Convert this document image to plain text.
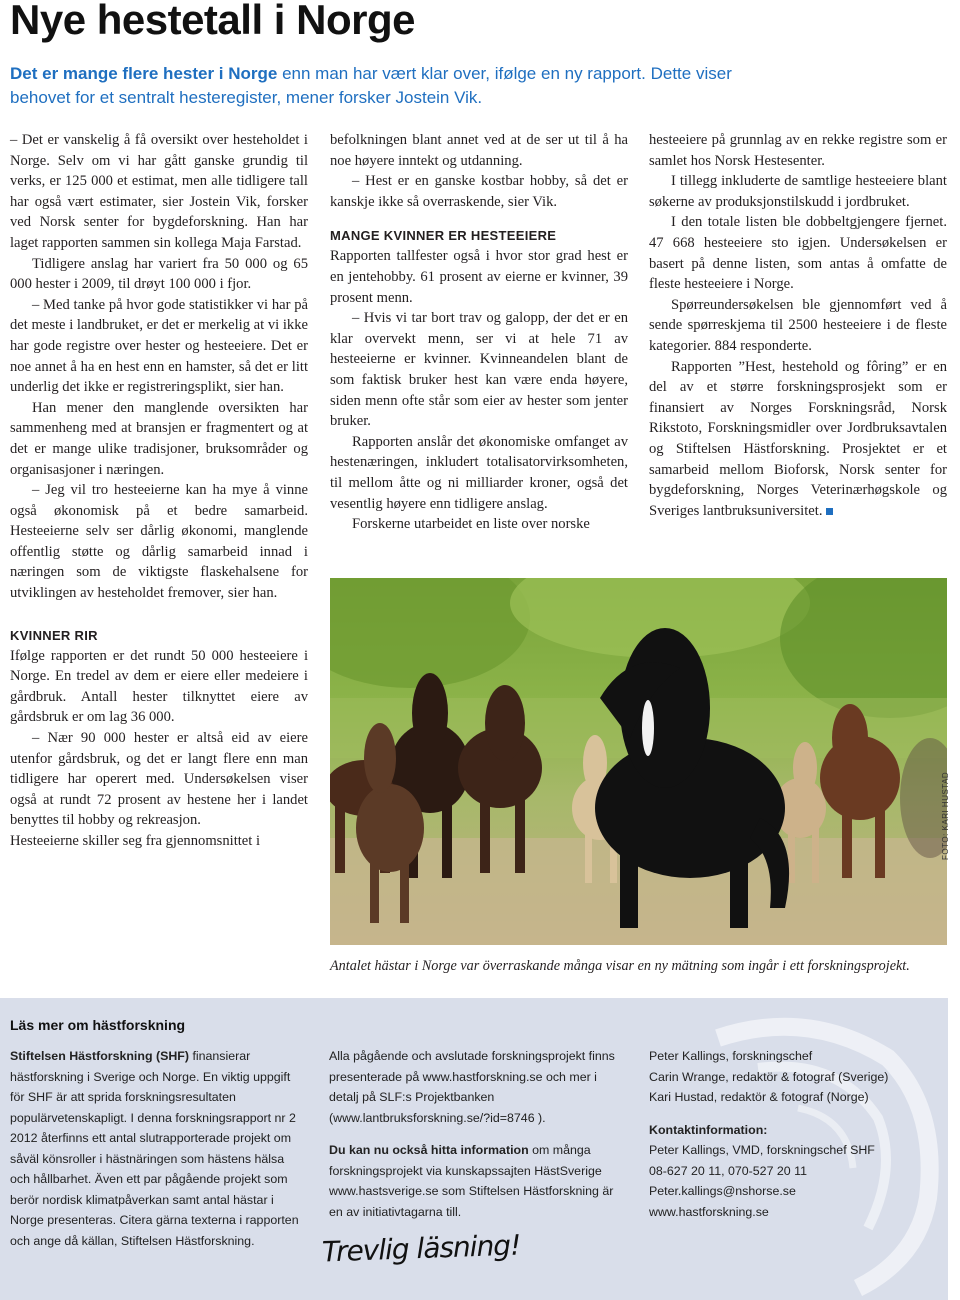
Nye hestetall i Norge

Det er mange flere hester i Norge enn man har vært klar over, ifølge en ny rapport. Dette viser behovet for et sentralt hesteregister, mener forsker Jostein Vik.

– Det er vanskelig å få oversikt over hesteholdet i Norge. Selv om vi har gått ganske grundig til verks, er 125 000 et estimat, men alle tidligere tall har også vært estimater, sier Jostein Vik, forsker ved Norsk senter for bygdeforskning. Han har laget rapporten sammen sin kollega Maja Farstad.

Tidligere anslag har variert fra 50 000 og 65 000 hester i 2009, til drøyt 100 000 i fjor.

– Med tanke på hvor gode statistikker vi har på det meste i landbruket, er det er merkelig at vi ikke har gode registre over hester og hesteeiere. Det er noe annet å ha en hest enn en hamster, så det er litt underlig det ikke er registreringsplikt, sier han.

Han mener den manglende oversikten har sammenheng med at bransjen er fragmentert og at det er mange ulike tradisjoner, bruksområder og organisasjoner i næringen.

– Jeg vil tro hesteeierne kan ha mye å vinne også økonomisk på et bedre samarbeid. Hesteeierne selv ser dårlig økonomi, manglende offentlig støtte og dårlig samarbeid innad i næringen som de viktigste flaskehalsene for utviklingen av hesteholdet fremover, sier han.

KVINNER RIR

Ifølge rapporten er det rundt 50 000 hesteeiere i Norge. En tredel av dem er eiere eller medeiere i gårdbruk. Antall hester tilknyttet eiere av gårdsbruk er om lag 36 000.

– Nær 90 000 hester er altså eid av eiere utenfor gårdsbruk, og det er langt flere enn man tidligere har operert med. Undersøkelsen viser også at rundt 72 prosent av hestene her i landet benyttes til hobby og rekreasjon.

Hesteeierne skiller seg fra gjennomsnittet i

befolkningen blant annet ved at de ser ut til å ha noe høyere inntekt og utdanning.

– Hest er en ganske kostbar hobby, så det er kanskje ikke så overraskende, sier Vik.

MANGE KVINNER ER HESTEEIERE

Rapporten tallfester også i hvor stor grad hest er en jentehobby. 61 prosent av eierne er kvinner, 39 prosent menn.

– Hvis vi tar bort trav og galopp, der det er en klar overvekt menn, ser vi at hele 71 av hesteeierne er kvinner. Kvinneandelen blant de som faktisk bruker hest kan være enda høyere, siden menn ofte står som eier av hester som jenter bruker.

Rapporten anslår det økonomiske omfanget av hestenæringen, inkludert totalisatorvirksomheten, til mellom åtte og ni milliarder kroner, også det vesentlig høyere enn tidligere anslag.

Forskerne utarbeidet en liste over norske

hesteeiere på grunnlag av en rekke registre som er samlet hos Norsk Hestesenter.

I tillegg inkluderte de samtlige hesteeiere blant søkerne av produksjonstilskudd i jordbruket.

I den totale listen ble dobbeltgjengere fjernet. 47 668 hesteeiere sto igjen. Undersøkelsen er basert på denne listen, som antas å omfatte de fleste hesteeiere i Norge.

Spørreundersøkelsen ble gjennomført ved å sende spørreskjema til 2500 hesteeiere i de fleste kategorier. 884 responderte.

Rapporten ”Hest, hestehold og fôring” er en del av et større forskningsprosjekt som er finansiert av Norges Forskningsråd, Norsk Rikstoto, Forskningsmidler over Jordbruksavtalen og Stiftelsen Hästforskning. Prosjektet er et samarbeid mellom Bioforsk, Norsk senter for bygdeforskning, Norges Veterinærhøgskole og Sveriges lantbruksuniversitet.

FOTO: KARI HUSTAD

Antalet hästar i Norge var överraskande många visar en ny mätning som ingår i ett forskningsprojekt.

Läs mer om hästforskning

Stiftelsen Hästforskning (SHF) finansierar hästforskning i Sverige och Norge. En viktig uppgift för SHF är att sprida forskningsresultaten populärvetenskapligt. I denna forskningsrapport nr 2 2012 återfinns ett antal slutrapporterade projekt om såväl könsroller i hästnäringen som hästens hälsa och hållbarhet. Även ett par pågående projekt som berör nordisk klimatpåverkan samt antal hästar i Norge presenteras. Citera gärna texterna i rapporten och ange då källan, Stiftelsen Hästforskning.

Alla pågående och avslutade forskningsprojekt finns presenterade på www.hastforskning.se och mer i detalj på SLF:s Projektbanken (www.lantbruksforskning.se/?id=8746 ).

Du kan nu också hitta information om många forskningsprojekt via kunskapssajten HästSverige www.hastsverige.se som Stiftelsen Hästforskning är en av initiativtagarna till.

Trevlig läsning!

Peter Kallings, forskningschef

Carin Wrange, redaktör & fotograf (Sverige)

Kari Hustad, redaktör & fotograf (Norge)

Kontaktinformation:

Peter Kallings, VMD, forskningschef SHF

08-627 20 11, 070-527 20 11

Peter.kallings@nshorse.se

www.hastforskning.se
